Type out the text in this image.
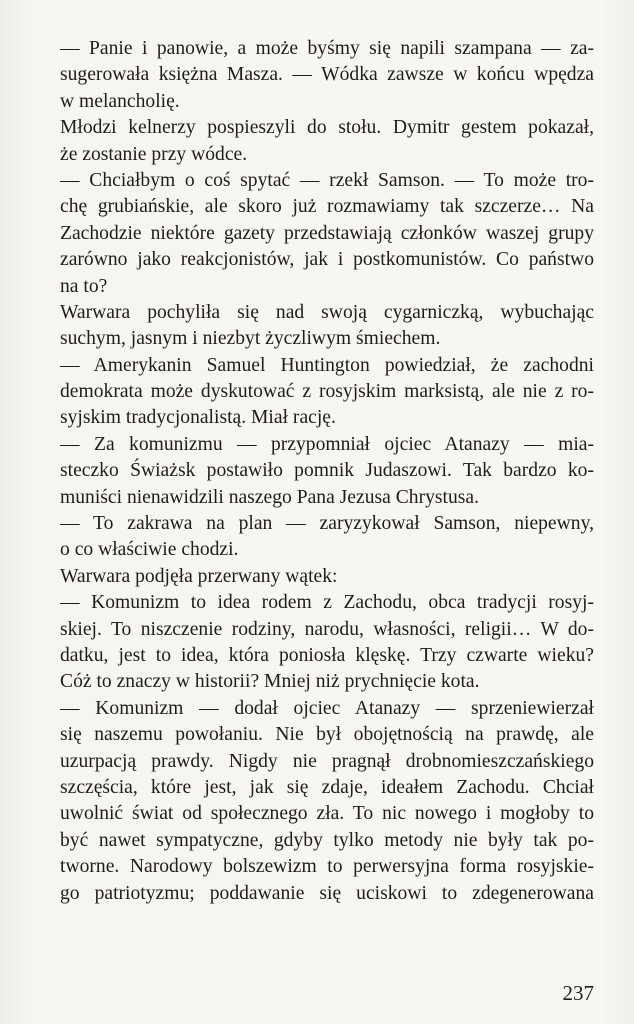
— Panie i panowie, a może byśmy się napili szampana — za-
sugerowała księżna Masza. — Wódka zawsze w końcu wpędza
w melancholię.
Młodzi kelnerzy pospieszyli do stołu. Dymitr gestem pokazał,
że zostanie przy wódce.
— Chciałbym o coś spytać — rzekł Samson. — To może tro-
chę grubiańskie, ale skoro już rozmawiamy tak szczerze… Na
Zachodzie niektóre gazety przedstawiają członków waszej grupy
zarówno jako reakcjonistów, jak i postkomunistów. Co państwo
na to?
Warwara pochyliła się nad swoją cygarniczką, wybuchając
suchym, jasnym i niezbyt życzliwym śmiechem.
— Amerykanin Samuel Huntington powiedział, że zachodni
demokrata może dyskutować z rosyjskim marksistą, ale nie z ro-
syjskim tradycjonalistą. Miał rację.
— Za komunizmu — przypomniał ojciec Atanazy — mia-
steczko Świażsk postawiło pomnik Judaszowi. Tak bardzo ko-
muniści nienawidzili naszego Pana Jezusa Chrystusa.
— To zakrawa na plan — zaryzykował Samson, niepewny,
o co właściwie chodzi.
Warwara podjęła przerwany wątek:
— Komunizm to idea rodem z Zachodu, obca tradycji rosyj-
skiej. To niszczenie rodziny, narodu, własności, religii… W do-
datku, jest to idea, która poniosła klęskę. Trzy czwarte wieku?
Cóż to znaczy w historii? Mniej niż prychnięcie kota.
— Komunizm — dodał ojciec Atanazy — sprzeniewierzał
się naszemu powołaniu. Nie był obojętnością na prawdę, ale
uzurpacją prawdy. Nigdy nie pragnął drobnomieszczańskiego
szczęścia, które jest, jak się zdaje, ideałem Zachodu. Chciał
uwolnić świat od społecznego zła. To nic nowego i mogłoby to
być nawet sympatyczne, gdyby tylko metody nie były tak po-
tworne. Narodowy bolszewizm to perwersyjna forma rosyjskie-
go patriotyzmu; poddawanie się uciskowi to zdegenerowana
237
